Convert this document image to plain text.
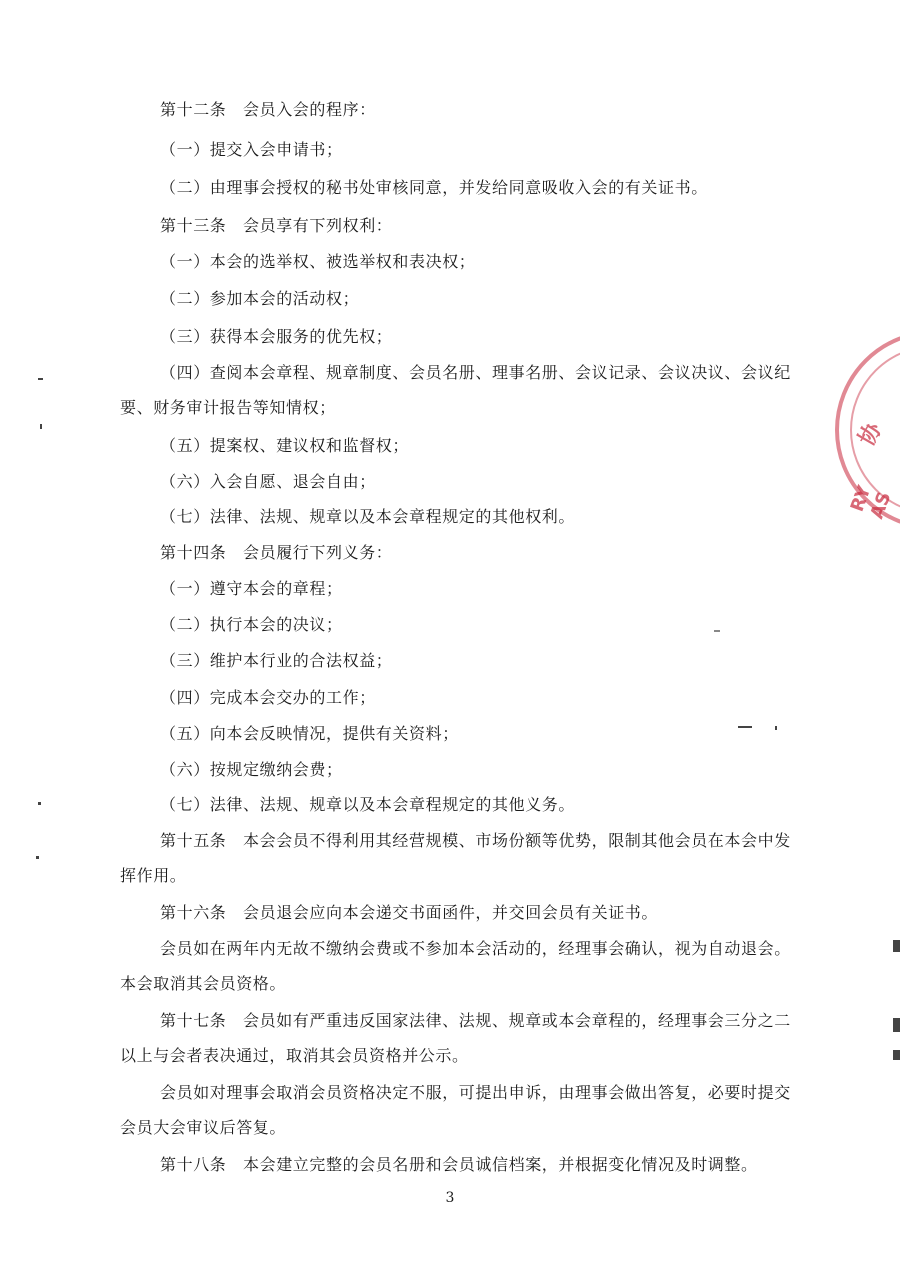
第十二条　会员入会的程序：
（一）提交入会申请书；
（二）由理事会授权的秘书处审核同意，并发给同意吸收入会的有关证书。
第十三条　会员享有下列权利：
（一）本会的选举权、被选举权和表决权；
（二）参加本会的活动权；
（三）获得本会服务的优先权；
（四）查阅本会章程、规章制度、会员名册、理事名册、会议记录、会议决议、会议纪
要、财务审计报告等知情权；
（五）提案权、建议权和监督权；
（六）入会自愿、退会自由；
（七）法律、法规、规章以及本会章程规定的其他权利。
第十四条　会员履行下列义务：
（一）遵守本会的章程；
（二）执行本会的决议；
（三）维护本行业的合法权益；
（四）完成本会交办的工作；
（五）向本会反映情况，提供有关资料；
（六）按规定缴纳会费；
（七）法律、法规、规章以及本会章程规定的其他义务。
第十五条　本会会员不得利用其经营规模、市场份额等优势，限制其他会员在本会中发
挥作用。
第十六条　会员退会应向本会递交书面函件，并交回会员有关证书。
会员如在两年内无故不缴纳会费或不参加本会活动的，经理事会确认，视为自动退会。
本会取消其会员资格。
第十七条　会员如有严重违反国家法律、法规、规章或本会章程的，经理事会三分之二
以上与会者表决通过，取消其会员资格并公示。
会员如对理事会取消会员资格决定不服，可提出申诉，由理事会做出答复，必要时提交
会员大会审议后答复。
第十八条　本会建立完整的会员名册和会员诚信档案，并根据变化情况及时调整。
3
协
RY AS
